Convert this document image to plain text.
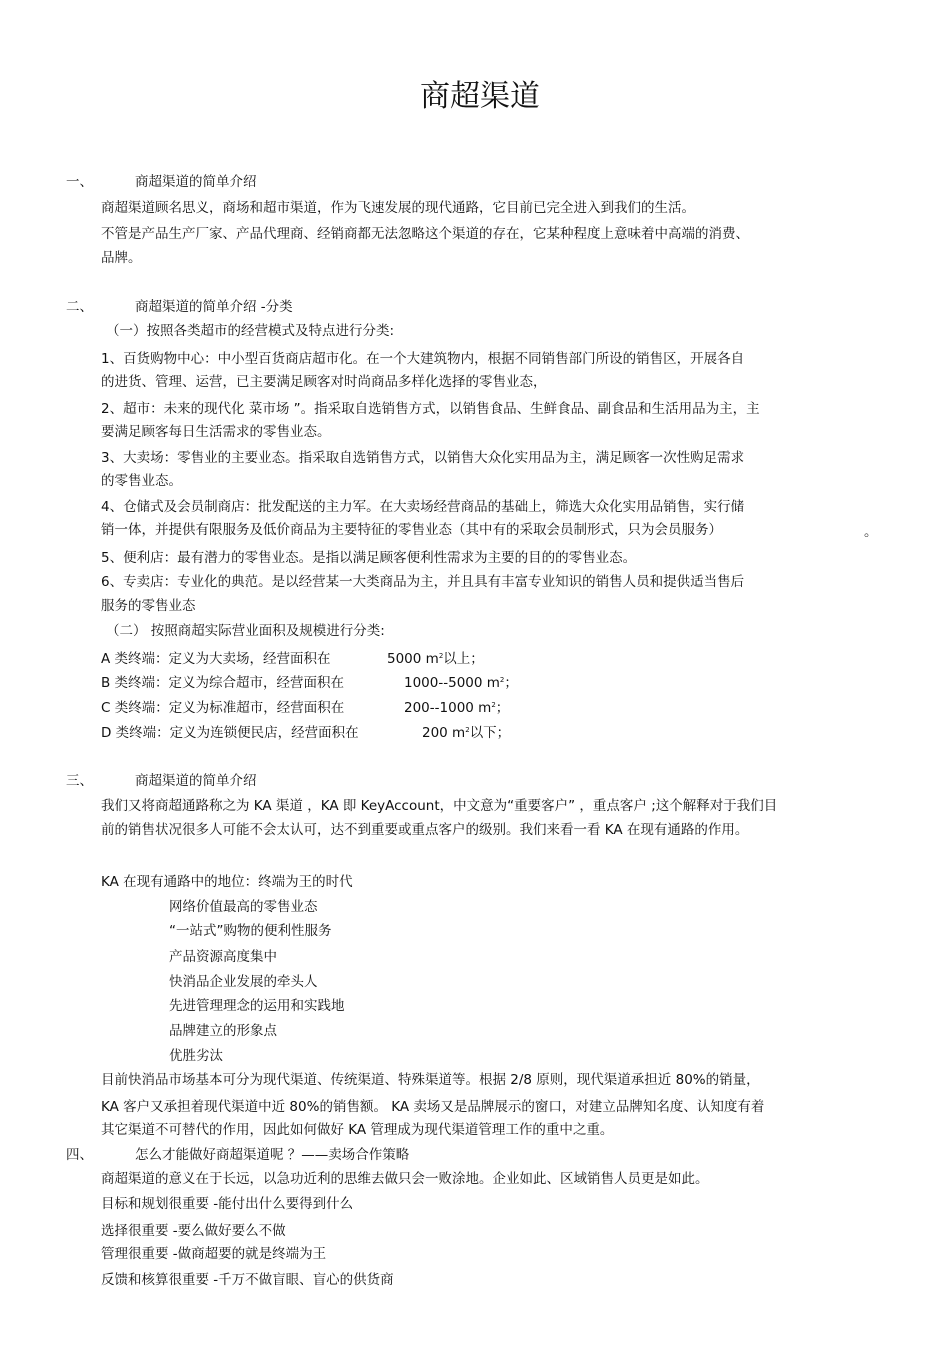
商超渠道
一、	商超渠道的简单介绍
商超渠道顾名思义，商场和超市渠道，作为飞速发展的现代通路，它目前已完全进入到我们的生活。
不管是产品生产厂家、产品代理商、经销商都无法忽略这个渠道的存在，它某种程度上意味着中高端的消费、
品牌。
二、	商超渠道的简单介绍 -分类
（一）按照各类超市的经营模式及特点进行分类:
1、百货购物中心：中小型百货商店超市化。在一个大建筑物内，根据不同销售部门所设的销售区，开展各自
的进货、管理、运营，已主要满足顾客对时尚商品多样化选择的零售业态，
2、超市：未来的现代化 菜市场 ”。指采取自选销售方式，以销售食品、生鲜食品、副食品和生活用品为主，主
要满足顾客每日生活需求的零售业态。
3、大卖场：零售业的主要业态。指采取自选销售方式，以销售大众化实用品为主，满足顾客一次性购足需求
的零售业态。
4、仓储式及会员制商店：批发配送的主力军。在大卖场经营商品的基础上，筛选大众化实用品销售，实行储
销一体，并提供有限服务及低价商品为主要特征的零售业态（其中有的采取会员制形式，只为会员服务）	。
5、便利店：最有潜力的零售业态。是指以满足顾客便利性需求为主要的目的的零售业态。
6、专卖店：专业化的典范。是以经营某一大类商品为主，并且具有丰富专业知识的销售人员和提供适当售后
服务的零售业态
（二） 按照商超实际营业面积及规模进行分类:
A 类终端：定义为大卖场，经营面积在	5000 $m^2$以上；
B 类终端：定义为综合超市，经营面积在	1000--5000 $m^2$；
C 类终端：定义为标准超市，经营面积在	200--1000 $m^2$；
D 类终端：定义为连锁便民店，经营面积在	200 $m^2$以下；
三、	商超渠道的简单介绍
我们又将商超通路称之为 KA 渠道 ，KA 即 KeyAccount，中文意为“重要客户” ，重点客户 ;这个解释对于我们目
前的销售状况很多人可能不会太认可，达不到重要或重点客户的级别。我们来看一看 KA 在现有通路的作用。
KA 在现有通路中的地位：终端为王的时代
网络价值最高的零售业态
“一站式”购物的便利性服务
产品资源高度集中
快消品企业发展的牵头人
先进管理理念的运用和实践地
品牌建立的形象点
优胜劣汰
目前快消品市场基本可分为现代渠道、传统渠道、特殊渠道等。根据 2/8 原则，现代渠道承担近 80%的销量，
KA 客户又承担着现代渠道中近 80%的销售额。 KA 卖场又是品牌展示的窗口，对建立品牌知名度、认知度有着
其它渠道不可替代的作用，因此如何做好 KA 管理成为现代渠道管理工作的重中之重。
四、	怎么才能做好商超渠道呢 ？——卖场合作策略
商超渠道的意义在于长远，以急功近利的思维去做只会一败涂地。企业如此、区域销售人员更是如此。
目标和规划很重要 -能付出什么要得到什么
选择很重要 -要么做好要么不做
管理很重要 -做商超要的就是终端为王
反馈和核算很重要 -千万不做盲眼、盲心的供货商
